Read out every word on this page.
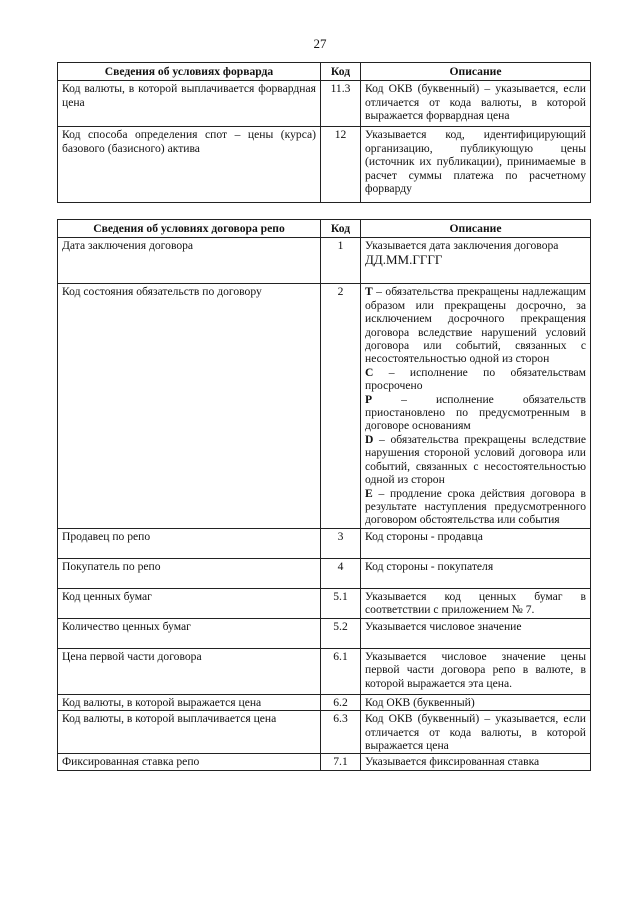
27
Сведения об условиях форварда	Код	Описание
Код валюты, в которой выплачивается форвардная цена	11.3	Код ОКВ (буквенный) – указывается, если отличается от кода валюты, в которой выражается форвардная цена
Код способа определения спот – цены (курса) базового (базисного) актива	12	Указывается код, идентифицирующий организацию, публикующую цены (источник их публикации), принимаемые в расчет суммы платежа по расчетному форварду
Сведения об условиях договора репо	Код	Описание
Дата заключения договора	1	Указывается дата заключения договора
ДД.ММ.ГГГГ
Код состояния обязательств по договору	2	T – обязательства прекращены надлежащим образом или прекращены досрочно, за исключением досрочного прекращения договора вследствие нарушений условий договора или событий, связанных с несостоятельностью одной из сторон
C – исполнение по обязательствам просрочено
P – исполнение обязательств приостановлено по предусмотренным в договоре основаниям
D – обязательства прекращены вследствие нарушения стороной условий договора или событий, связанных с несостоятельностью одной из сторон
E – продление срока действия договора в результате наступления предусмотренного договором обстоятельства или события

Продавец по репо	3	Код стороны - продавца
Покупатель по репо	4	Код стороны - покупателя
Код ценных бумаг	5.1	Указывается код ценных бумаг в соответствии с приложением № 7.
Количество ценных бумаг	5.2	Указывается числовое значение
Цена первой части договора	6.1	Указывается числовое значение цены первой части договора репо в валюте, в которой выражается эта цена.
Код валюты, в которой выражается цена	6.2	Код ОКВ (буквенный)
Код валюты, в которой выплачивается цена	6.3	Код ОКВ (буквенный) – указывается, если отличается от кода валюты, в которой выражается цена
Фиксированная ставка репо	7.1	Указывается фиксированная ставка
